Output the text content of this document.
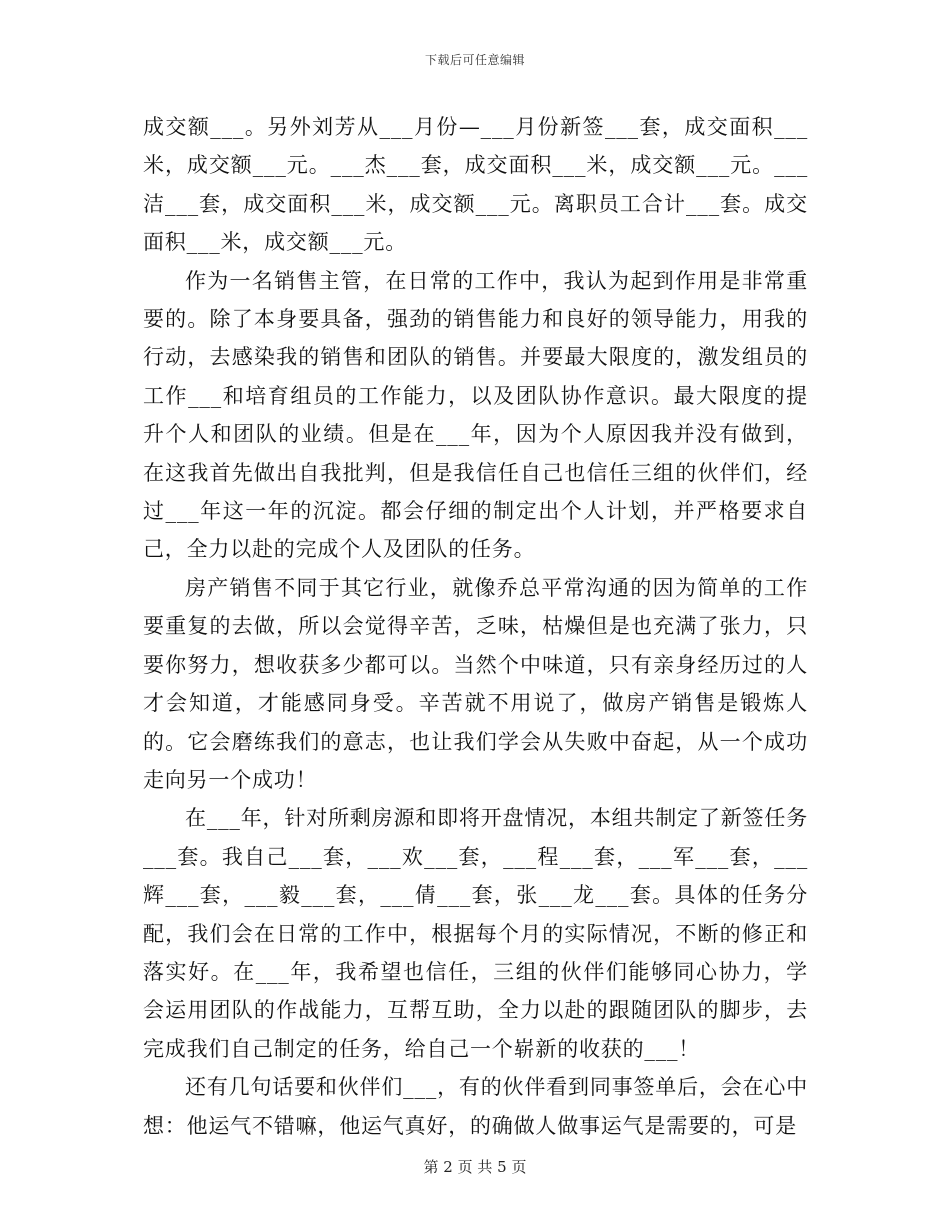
下载后可任意编辑

成交额___。另外刘芳从___月份—___月份新签___套，成交面积___米，成交额___元。___杰___套，成交面积___米，成交额___元。___洁___套，成交面积___米，成交额___元。离职员工合计___套。成交面积___米，成交额___元。

作为一名销售主管，在日常的工作中，我认为起到作用是非常重要的。除了本身要具备，强劲的销售能力和良好的领导能力，用我的行动，去感染我的销售和团队的销售。并要最大限度的，激发组员的工作___和培育组员的工作能力，以及团队协作意识。最大限度的提升个人和团队的业绩。但是在___年，因为个人原因我并没有做到，在这我首先做出自我批判，但是我信任自己也信任三组的伙伴们，经过___年这一年的沉淀。都会仔细的制定出个人计划，并严格要求自己，全力以赴的完成个人及团队的任务。

房产销售不同于其它行业，就像乔总平常沟通的因为简单的工作要重复的去做，所以会觉得辛苦，乏味，枯燥但是也充满了张力，只要你努力，想收获多少都可以。当然个中味道，只有亲身经历过的人才会知道，才能感同身受。辛苦就不用说了，做房产销售是锻炼人的。它会磨练我们的意志，也让我们学会从失败中奋起，从一个成功走向另一个成功！

在___年，针对所剩房源和即将开盘情况，本组共制定了新签任务___套。我自己___套，___欢___套，___程___套，___军___套，___辉___套，___毅___套，___倩___套，张___龙___套。具体的任务分配，我们会在日常的工作中，根据每个月的实际情况，不断的修正和落实好。在___年，我希望也信任，三组的伙伴们能够同心协力，学会运用团队的作战能力，互帮互助，全力以赴的跟随团队的脚步，去完成我们自己制定的任务，给自己一个崭新的收获的___！

还有几句话要和伙伴们___，有的伙伴看到同事签单后，会在心中想：他运气不错嘛，他运气真好，的确做人做事运气是需要的，可是

第 2 页 共 5 页
